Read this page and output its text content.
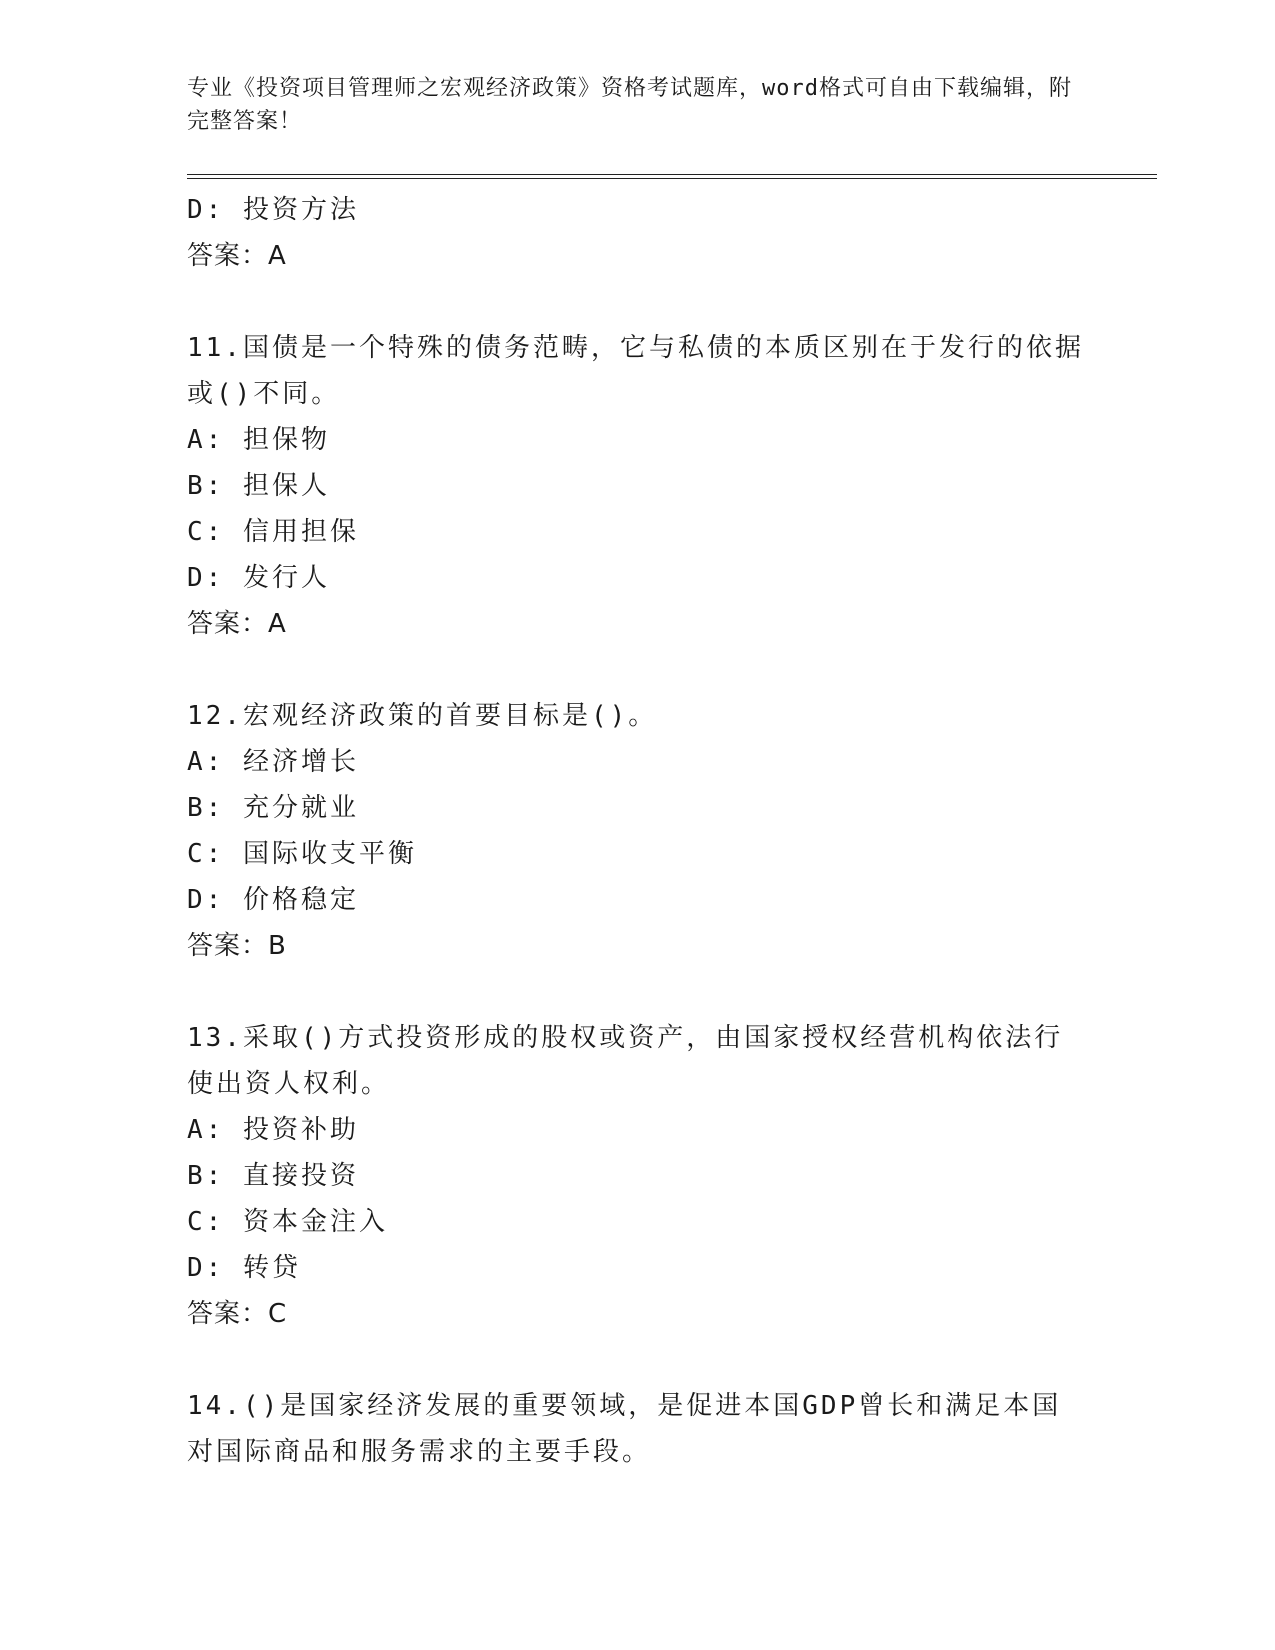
专业《投资项目管理师之宏观经济政策》资格考试题库，word格式可自由下载编辑，附完整答案！

D: 投资方法
答案：A
11.国债是一个特殊的债务范畴，它与私债的本质区别在于发行的依据或()不同。
A: 担保物
B: 担保人
C: 信用担保
D: 发行人
答案：A
12.宏观经济政策的首要目标是()。
A: 经济增长
B: 充分就业
C: 国际收支平衡
D: 价格稳定
答案：B
13.采取()方式投资形成的股权或资产，由国家授权经营机构依法行使出资人权利。
A: 投资补助
B: 直接投资
C: 资本金注入
D: 转贷
答案：C
14.()是国家经济发展的重要领域，是促进本国GDP曾长和满足本国对国际商品和服务需求的主要手段。
